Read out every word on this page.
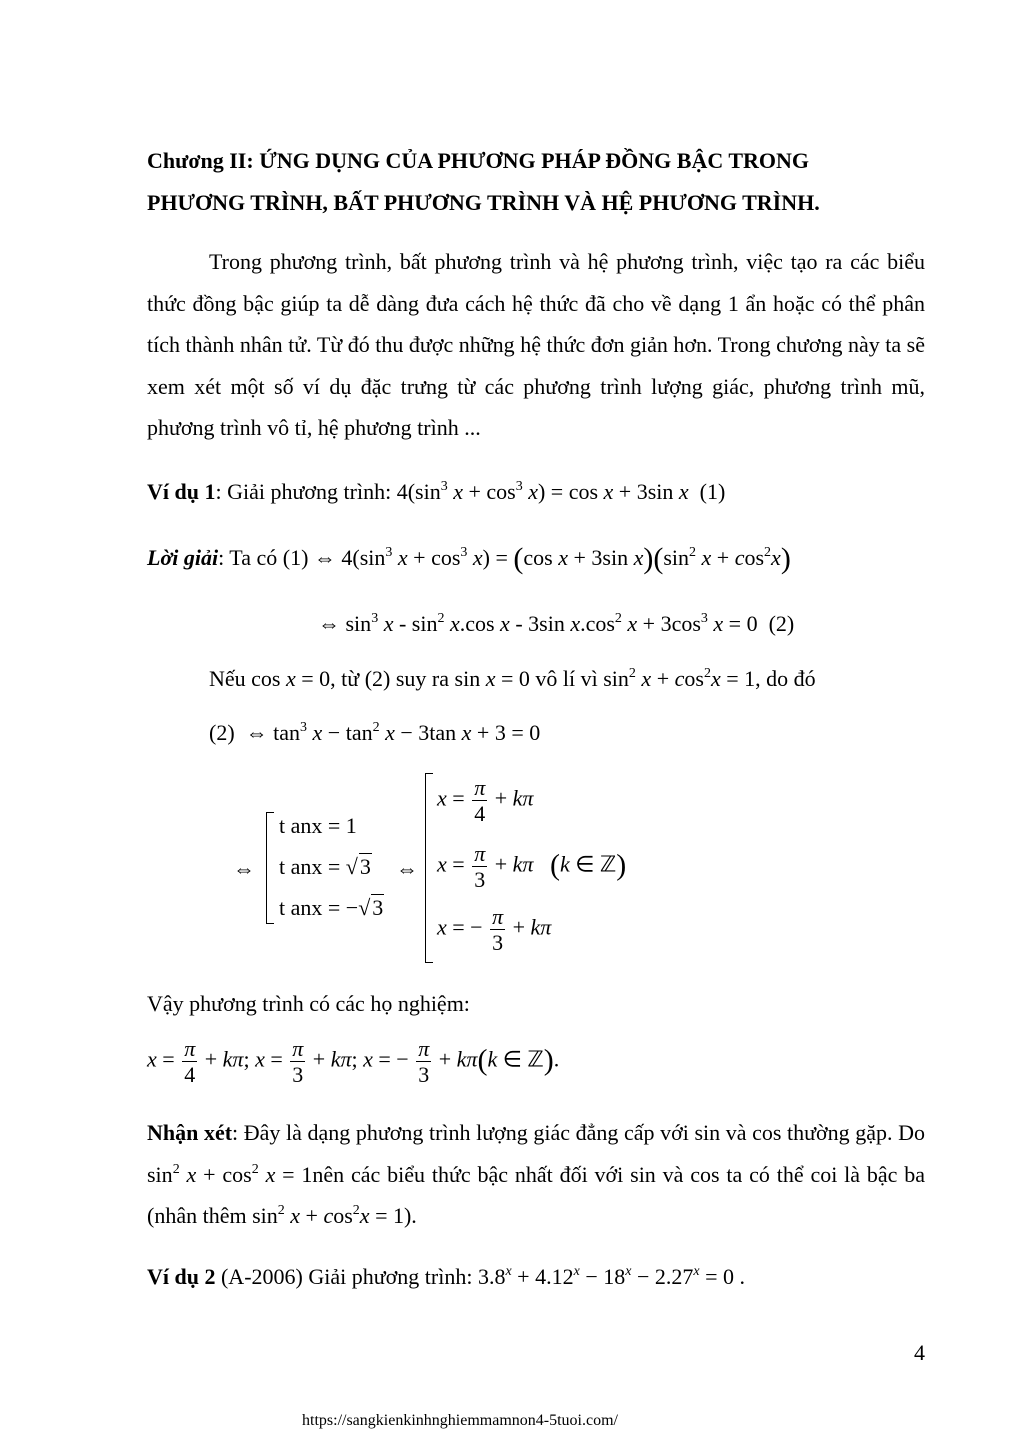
Chương II: ỨNG DỤNG CỦA PHƯƠNG PHÁP ĐỒNG BẬC TRONG
PHƯƠNG TRÌNH, BẤT PHƯƠNG TRÌNH VÀ HỆ PHƯƠNG TRÌNH.
Trong phương trình, bất phương trình và hệ phương trình, việc tạo ra các biểu thức đồng bậc giúp ta dễ dàng đưa cách hệ thức đã cho về dạng 1 ẩn hoặc có thể phân tích thành nhân tử. Từ đó thu được những hệ thức đơn giản hơn. Trong chương này ta sẽ xem xét một số ví dụ đặc trưng từ các phương trình lượng giác, phương trình mũ, phương trình vô tỉ, hệ phương trình ...
Ví dụ 1: Giải phương trình: $4(\sin^3$ $x + \cos^3 x) = \cos x + 3\sin$ x  (1)
Lời giải: Ta có (1) ⇔ $4(\sin^3$ $x + \cos^3 x) = (\cos$ x + 3sin $x)(\sin^2$ $x + \cos^2x$)
⇔ $\sin^3 x - \sin^2 x.\cos$ x - 3sin $x.\cos^2$ $x + 3\cos^3$ x = 0  (2)
Nếu cos x = 0, từ (2) suy ra sin x = 0 vô lí vì $\sin^2 x + \cos^2x = 1$, do đó
(2)  ⇔ $\tan^3 x - \tan^2 x - 3\tan$ x + 3 = 0
⇔
t anx = 1
t anx = √3
t anx = −√3
⇔
$x = \frac{\pi}{4} + k\pi$
$x = \frac{\pi}{3} + k\pi$ (k ∈ ℤ)
x = − $\frac{\pi}{3} + k\pi$
Vậy phương trình có các họ nghiệm:
$x = \frac{\pi}{4} + k\pi$; $x = \frac{\pi}{3} + k\pi$; x = − $\frac{\pi}{3} + k\pi(k$ ∈ ℤ).
Nhận xét: Đây là dạng phương trình lượng giác đẳng cấp với sin và cos thường gặp. Do $\sin^2 x + \cos^2 x$ = 1nên các biểu thức bậc nhất đối với sin và cos ta có thể coi là bậc ba (nhân thêm $\sin^2 x + \cos^2x = 1$).
Ví dụ 2 (A-2006) Giải phương trình: $3.8^x + 4.12^x - 18^x - 2.27^x = 0$ .
4
https://sangkienkinhnghiemmamnon4-5tuoi.com/
